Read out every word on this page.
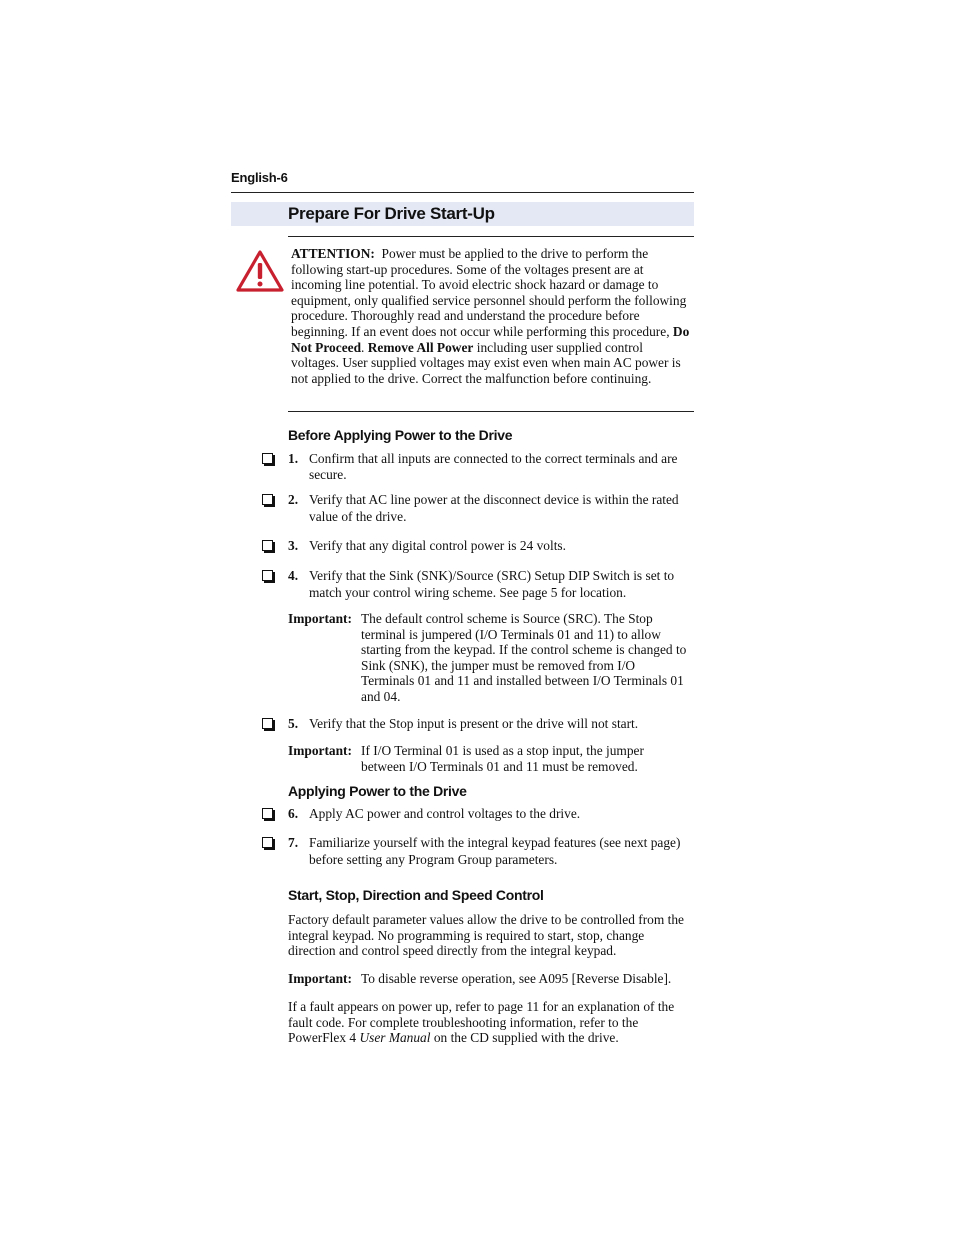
English-6
Prepare For Drive Start-Up
ATTENTION: Power must be applied to the drive to perform the following start-up procedures. Some of the voltages present are at incoming line potential. To avoid electric shock hazard or damage to equipment, only qualified service personnel should perform the following procedure. Thoroughly read and understand the procedure before beginning. If an event does not occur while performing this procedure, Do Not Proceed. Remove All Power including user supplied control voltages. User supplied voltages may exist even when main AC power is not applied to the drive. Correct the malfunction before continuing.
Before Applying Power to the Drive
1. Confirm that all inputs are connected to the correct terminals and are secure.
2. Verify that AC line power at the disconnect device is within the rated value of the drive.
3. Verify that any digital control power is 24 volts.
4. Verify that the Sink (SNK)/Source (SRC) Setup DIP Switch is set to match your control wiring scheme. See page 5 for location.
Important: The default control scheme is Source (SRC). The Stop terminal is jumpered (I/O Terminals 01 and 11) to allow starting from the keypad. If the control scheme is changed to Sink (SNK), the jumper must be removed from I/O Terminals 01 and 11 and installed between I/O Terminals 01 and 04.
5. Verify that the Stop input is present or the drive will not start.
Important: If I/O Terminal 01 is used as a stop input, the jumper between I/O Terminals 01 and 11 must be removed.
Applying Power to the Drive
6. Apply AC power and control voltages to the drive.
7. Familiarize yourself with the integral keypad features (see next page) before setting any Program Group parameters.
Start, Stop, Direction and Speed Control
Factory default parameter values allow the drive to be controlled from the integral keypad. No programming is required to start, stop, change direction and control speed directly from the integral keypad.
Important: To disable reverse operation, see A095 [Reverse Disable].
If a fault appears on power up, refer to page 11 for an explanation of the fault code. For complete troubleshooting information, refer to the PowerFlex 4 User Manual on the CD supplied with the drive.
